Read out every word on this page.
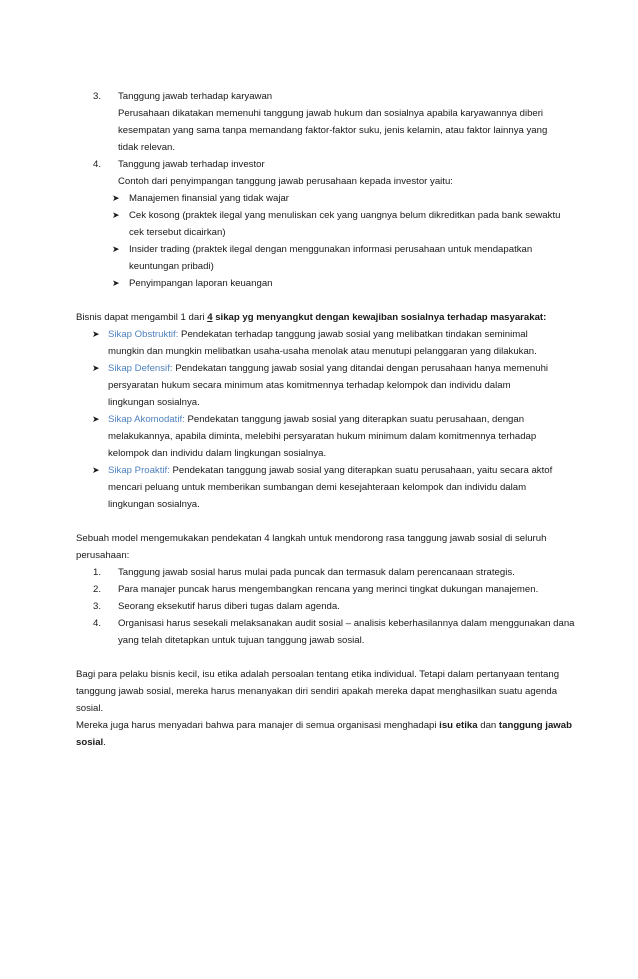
3. Tanggung jawab terhadap karyawan
Perusahaan dikatakan memenuhi tanggung jawab hukum dan sosialnya apabila karyawannya diberi
kesempatan yang sama tanpa memandang faktor-faktor suku, jenis kelamin, atau faktor lainnya yang
tidak relevan.
4. Tanggung jawab terhadap investor
Contoh dari penyimpangan tanggung jawab perusahaan kepada investor yaitu:
➤ Manajemen finansial yang tidak wajar
➤ Cek kosong (praktek ilegal yang menuliskan cek yang uangnya belum dikreditkan pada bank sewaktu
cek tersebut dicairkan)
➤ Insider trading (praktek ilegal dengan menggunakan informasi perusahaan untuk mendapatkan
keuntungan pribadi)
➤ Penyimpangan laporan keuangan
Bisnis dapat mengambil 1 dari 4 sikap yg menyangkut dengan kewajiban sosialnya terhadap masyarakat:
➤ Sikap Obstruktif: Pendekatan terhadap tanggung jawab sosial yang melibatkan tindakan seminimal
mungkin dan mungkin melibatkan usaha-usaha menolak atau menutupi pelanggaran yang dilakukan.
➤ Sikap Defensif: Pendekatan tanggung jawab sosial yang ditandai dengan perusahaan hanya memenuhi
persyaratan hukum secara minimum atas komitmennya terhadap kelompok dan individu dalam
lingkungan sosialnya.
➤ Sikap Akomodatif: Pendekatan tanggung jawab sosial yang diterapkan suatu perusahaan, dengan
melakukannya, apabila diminta, melebihi persyaratan hukum minimum dalam komitmennya terhadap
kelompok dan individu dalam lingkungan sosialnya.
➤ Sikap Proaktif: Pendekatan tanggung jawab sosial yang diterapkan suatu perusahaan, yaitu secara aktof
mencari peluang untuk memberikan sumbangan demi kesejahteraan kelompok dan individu dalam
lingkungan sosialnya.
Sebuah model mengemukakan pendekatan 4 langkah untuk mendorong rasa tanggung jawab sosial di seluruh
perusahaan:
1. Tanggung jawab sosial harus mulai pada puncak dan termasuk dalam perencanaan strategis.
2. Para manajer puncak harus mengembangkan rencana yang merinci tingkat dukungan manajemen.
3. Seorang eksekutif harus diberi tugas dalam agenda.
4. Organisasi harus sesekali melaksanakan audit sosial – analisis keberhasilannya dalam menggunakan dana
yang telah ditetapkan untuk tujuan tanggung jawab sosial.
Bagi para pelaku bisnis kecil, isu etika adalah persoalan tentang etika individual. Tetapi dalam pertanyaan tentang
tanggung jawab sosial, mereka harus menanyakan diri sendiri apakah mereka dapat menghasilkan suatu agenda
sosial.
Mereka juga harus menyadari bahwa para manajer di semua organisasi menghadapi isu etika dan tanggung jawab
sosial.
